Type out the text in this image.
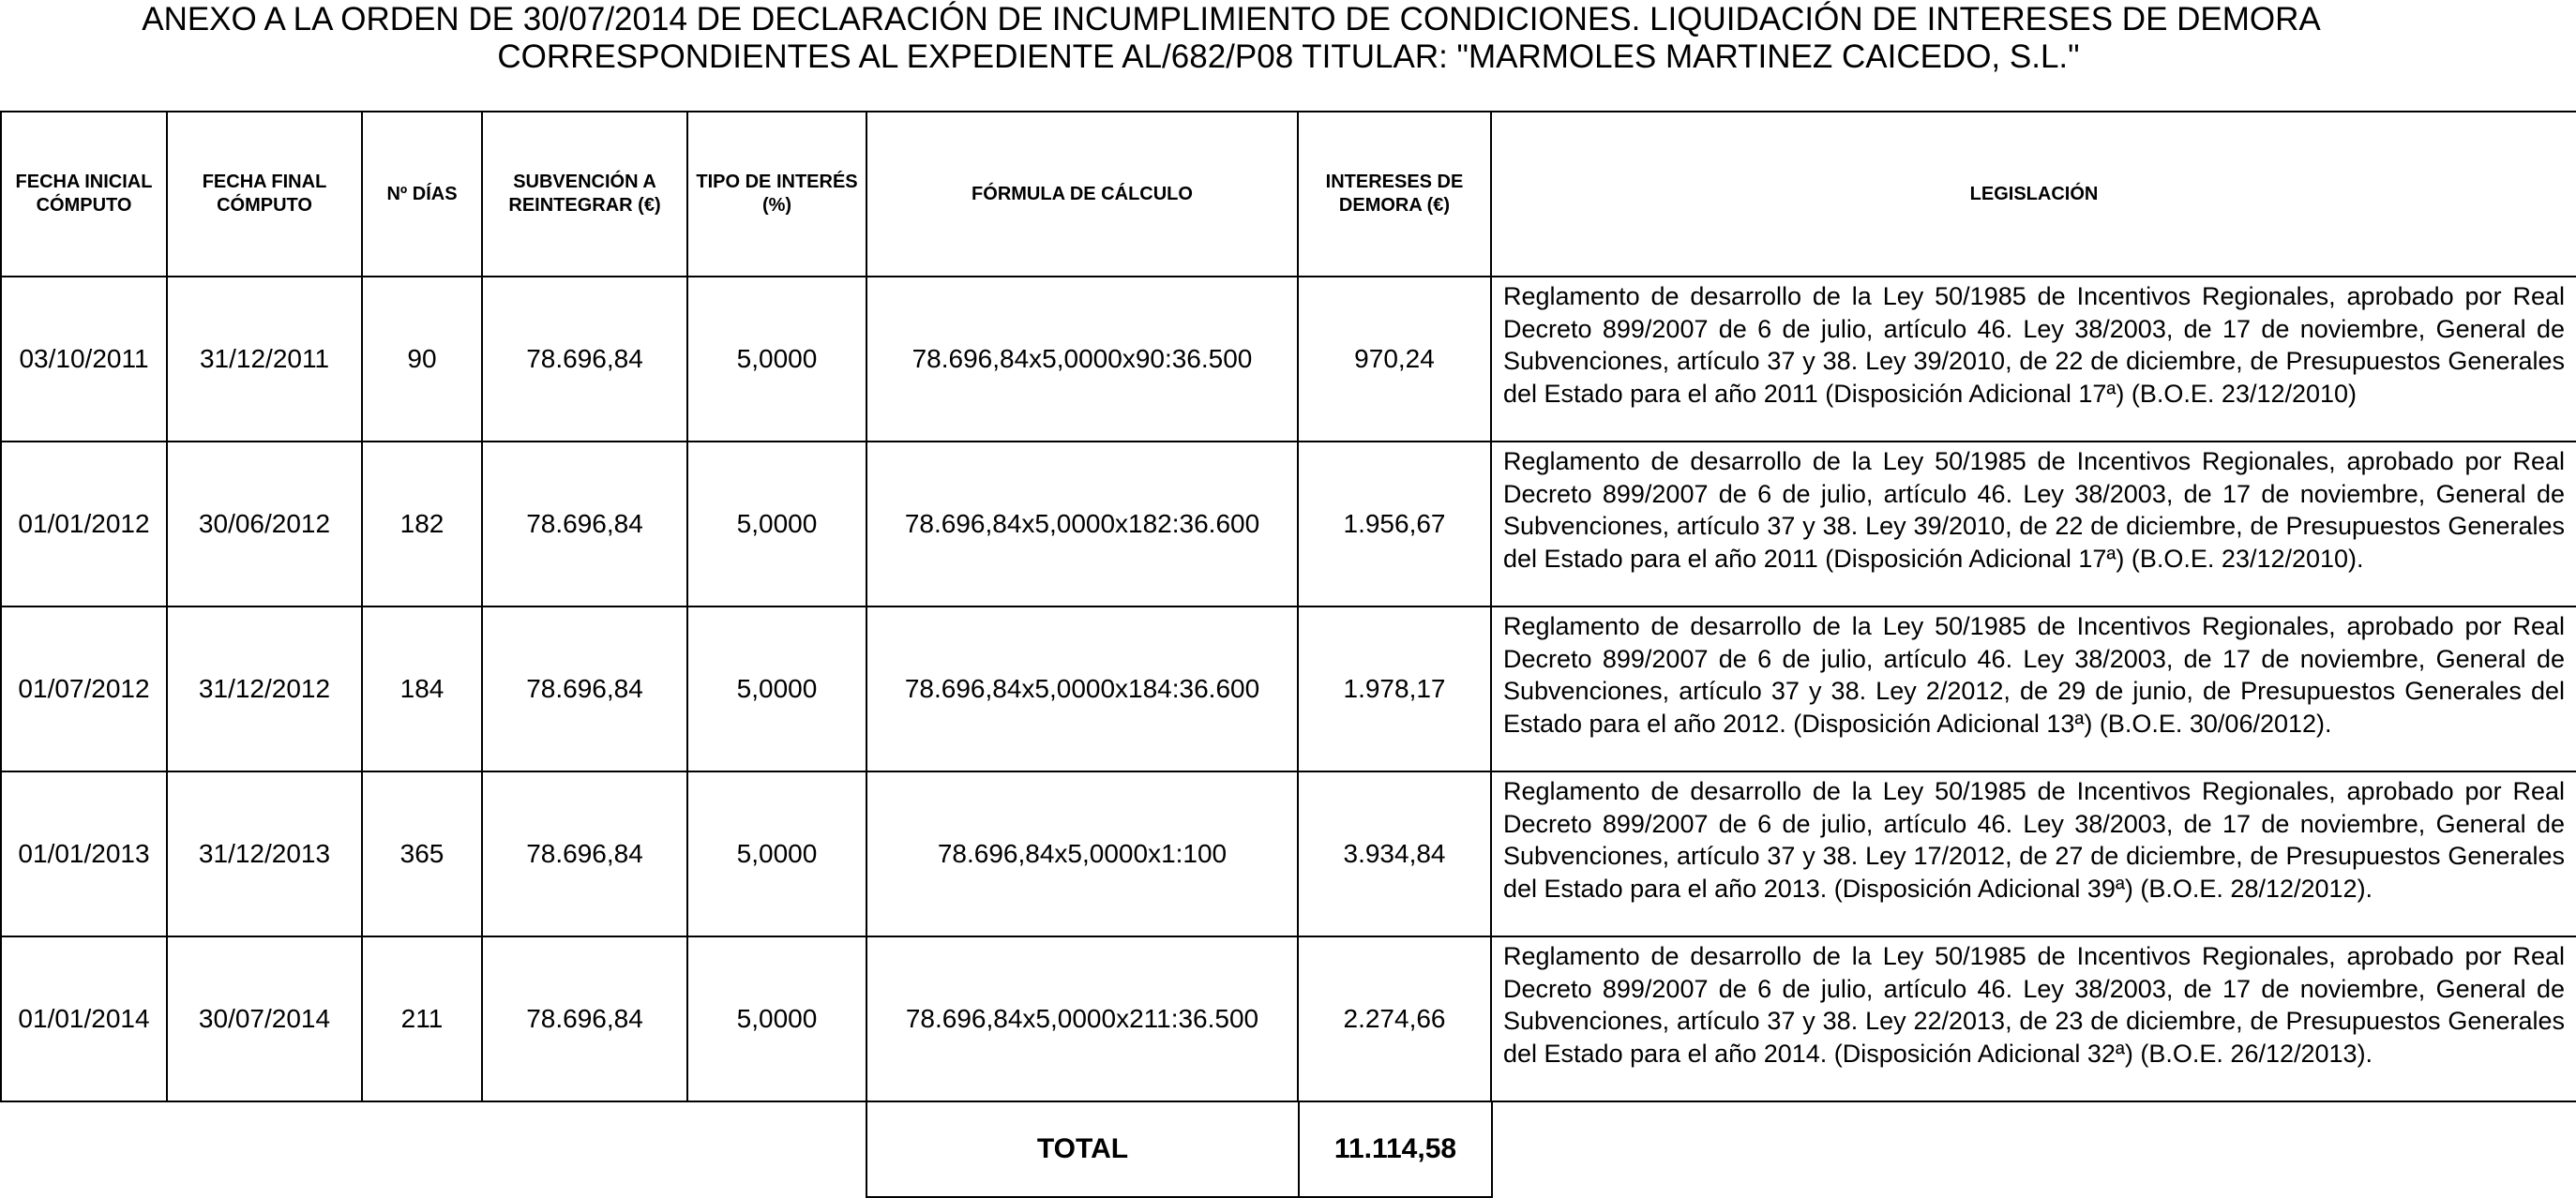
ANEXO A LA ORDEN DE 30/07/2014 DE DECLARACIÓN DE INCUMPLIMIENTO DE CONDICIONES. LIQUIDACIÓN DE INTERESES DE DEMORA
CORRESPONDIENTES AL EXPEDIENTE AL/682/P08 TITULAR: "MARMOLES MARTINEZ CAICEDO, S.L."
FECHA INICIAL CÓMPUTO	FECHA FINAL CÓMPUTO	Nº DÍAS	SUBVENCIÓN A REINTEGRAR (€)	TIPO DE INTERÉS (%)	FÓRMULA DE CÁLCULO	INTERESES DE DEMORA (€)	LEGISLACIÓN
03/10/2011	31/12/2011	90	78.696,84	5,0000	78.696,84x5,0000x90:36.500	970,24	Reglamento de desarrollo de la Ley 50/1985 de Incentivos Regionales, aprobado por Real Decreto 899/2007 de 6 de julio, artículo 46. Ley 38/2003, de 17 de noviembre, General de Subvenciones, artículo 37 y 38. Ley 39/2010, de 22 de diciembre, de Presupuestos Generales del Estado para el año 2011 (Disposición Adicional 17ª) (B.O.E. 23/12/2010)
01/01/2012	30/06/2012	182	78.696,84	5,0000	78.696,84x5,0000x182:36.600	1.956,67	Reglamento de desarrollo de la Ley 50/1985 de Incentivos Regionales, aprobado por Real Decreto 899/2007 de 6 de julio, artículo 46. Ley 38/2003, de 17 de noviembre, General de Subvenciones, artículo 37 y 38. Ley 39/2010, de 22 de diciembre, de Presupuestos Generales del Estado para el año 2011 (Disposición Adicional 17ª) (B.O.E. 23/12/2010).
01/07/2012	31/12/2012	184	78.696,84	5,0000	78.696,84x5,0000x184:36.600	1.978,17	Reglamento de desarrollo de la Ley 50/1985 de Incentivos Regionales, aprobado por Real Decreto 899/2007 de 6 de julio, artículo 46. Ley 38/2003, de 17 de noviembre, General de Subvenciones, artículo 37 y 38. Ley 2/2012, de 29 de junio, de Presupuestos Generales del Estado para el año 2012. (Disposición Adicional 13ª) (B.O.E. 30/06/2012).
01/01/2013	31/12/2013	365	78.696,84	5,0000	78.696,84x5,0000x1:100	3.934,84	Reglamento de desarrollo de la Ley 50/1985 de Incentivos Regionales, aprobado por Real Decreto 899/2007 de 6 de julio, artículo 46. Ley 38/2003, de 17 de noviembre, General de Subvenciones, artículo 37 y 38. Ley 17/2012, de 27 de diciembre, de Presupuestos Generales del Estado para el año 2013. (Disposición Adicional 39ª) (B.O.E. 28/12/2012).
01/01/2014	30/07/2014	211	78.696,84	5,0000	78.696,84x5,0000x211:36.500	2.274,66	Reglamento de desarrollo de la Ley 50/1985 de Incentivos Regionales, aprobado por Real Decreto 899/2007 de 6 de julio, artículo 46. Ley 38/2003, de 17 de noviembre, General de Subvenciones, artículo 37 y 38. Ley 22/2013, de 23 de diciembre, de Presupuestos Generales del Estado para el año 2014. (Disposición Adicional 32ª) (B.O.E. 26/12/2013).
TOTAL	11.114,58
